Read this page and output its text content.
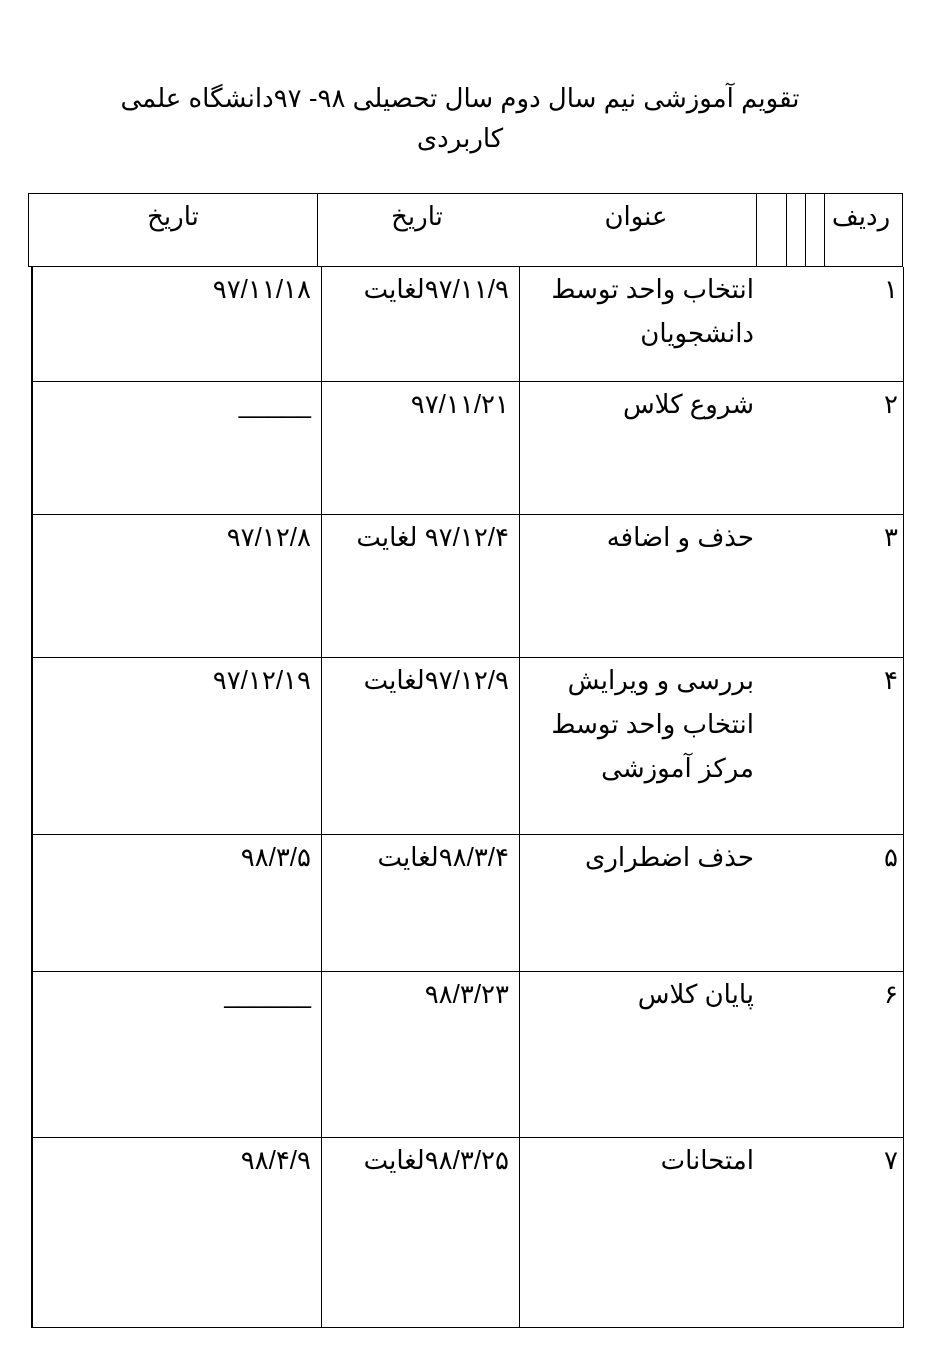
تقویم آموزشی نیم سال دوم سال تحصیلی ۹۸- ۹۷دانشگاه علمی
کاربردی
ردیف
عنوان
تاریخ
تاریخ
۱
انتخاب واحد توسط دانشجویان
۹۷/۱۱/۹لغایت
۹۷/۱۱/۱۸
۲
شروع کلاس
۹۷/۱۱/۲۱
_____
۳
حذف و اضافه
۹۷/۱۲/۴ لغایت
۹۷/۱۲/۸
۴
بررسی و ویرایش انتخاب واحد توسط مرکز آموزشی
۹۷/۱۲/۹لغایت
۹۷/۱۲/۱۹
۵
حذف اضطراری
۹۸/۳/۴لغایت
۹۸/۳/۵
۶
پایان کلاس
۹۸/۳/۲۳
______
۷
امتحانات
۹۸/۳/۲۵لغایت
۹۸/۴/۹
